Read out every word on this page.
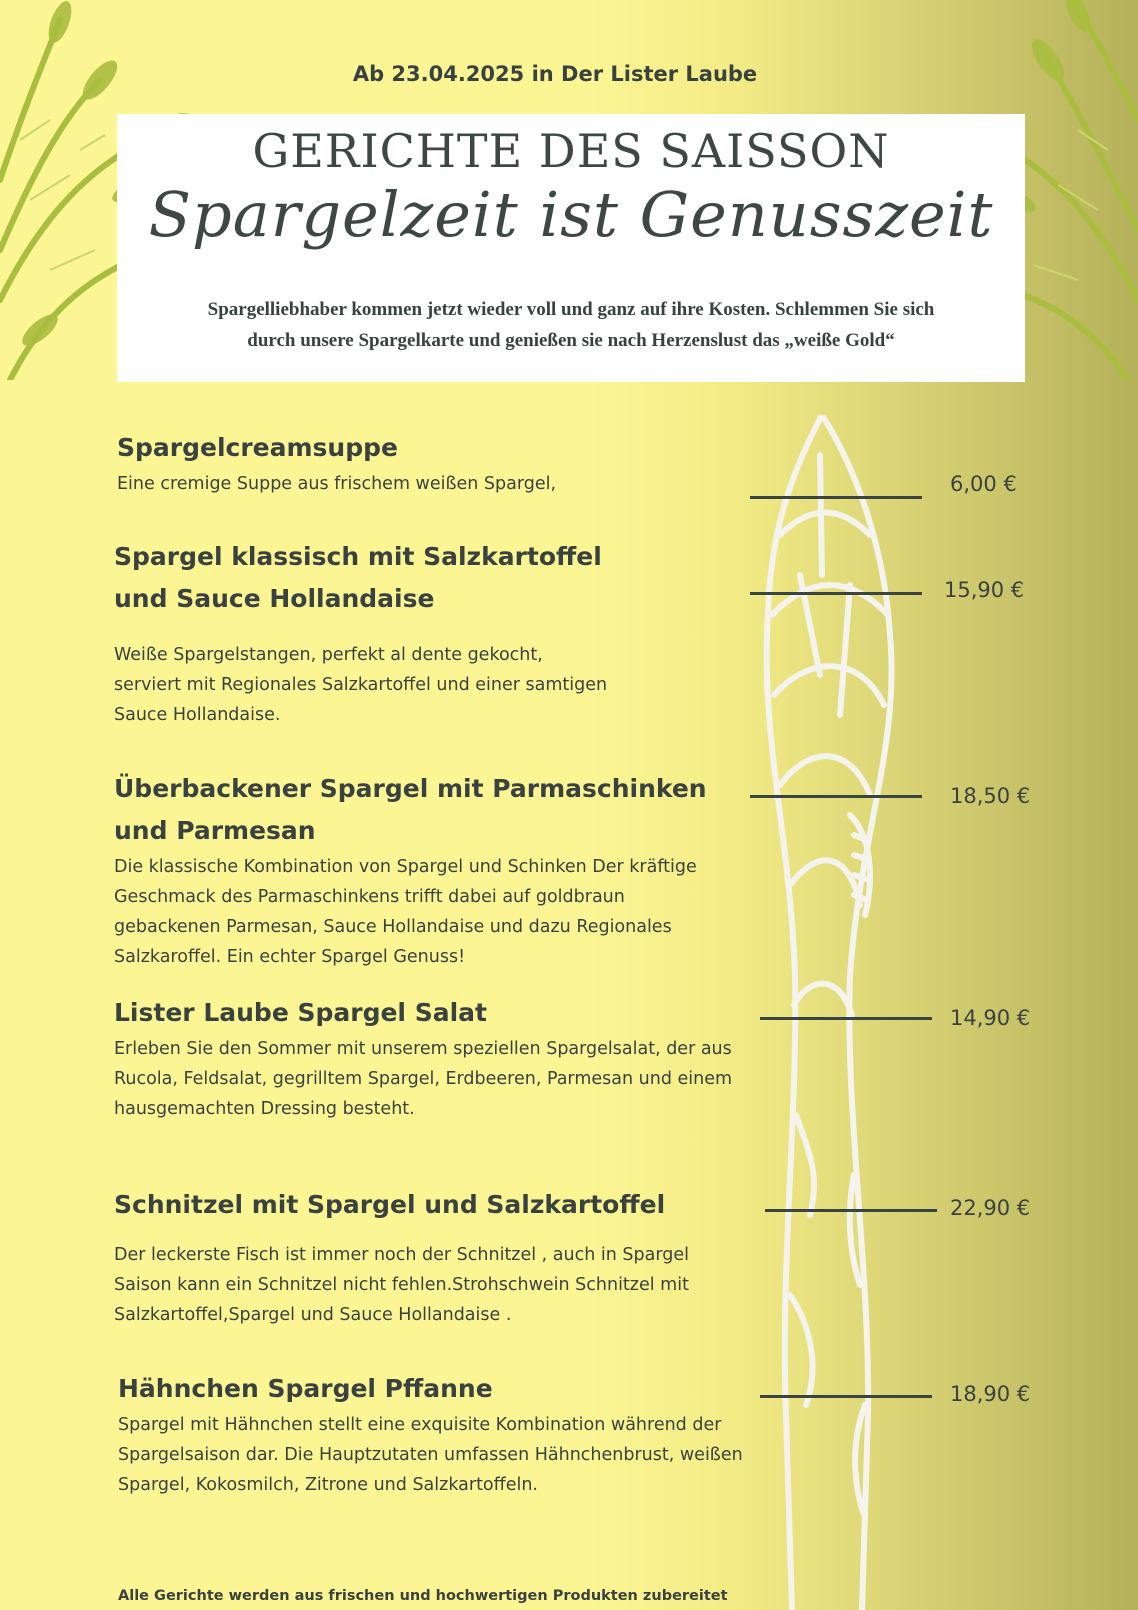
Ab 23.04.2025 in Der Lister Laube
GERICHTE DES SAISSON
Spargelzeit ist Genusszeit
Spargelliebhaber kommen jetzt wieder voll und ganz auf ihre Kosten. Schlemmen Sie sich
durch unsere Spargelkarte und genießen sie nach Herzenslust das „weiße Gold“
Spargelcreamsuppe
Eine cremige Suppe aus frischem weißen Spargel,	6,00 €
Spargel klassisch mit Salzkartoffel
und Sauce Hollandaise
Weiße Spargelstangen, perfekt al dente gekocht,
serviert mit Regionales Salzkartoffel und einer samtigen
Sauce Hollandaise.
15,90 €
Überbackener Spargel mit Parmaschinken
und Parmesan
Die klassische Kombination von Spargel und Schinken Der kräftige
Geschmack des Parmaschinkens trifft dabei auf goldbraun
gebackenen Parmesan, Sauce Hollandaise und dazu Regionales
Salzkaroffel. Ein echter Spargel Genuss!
18,50 €
Lister Laube Spargel Salat
Erleben Sie den Sommer mit unserem speziellen Spargelsalat, der aus
Rucola, Feldsalat, gegrilltem Spargel, Erdbeeren, Parmesan und einem
hausgemachten Dressing besteht.
14,90 €
Schnitzel mit Spargel und Salzkartoffel
Der leckerste Fisch ist immer noch der Schnitzel , auch in Spargel
Saison kann ein Schnitzel nicht fehlen.Strohschwein Schnitzel mit
Salzkartoffel,Spargel und Sauce Hollandaise .
22,90 €
Hähnchen Spargel Pffanne
Spargel mit Hähnchen stellt eine exquisite Kombination während der
Spargelsaison dar. Die Hauptzutaten umfassen Hähnchenbrust, weißen
Spargel, Kokosmilch, Zitrone und Salzkartoffeln.
18,90 €
Alle Gerichte werden aus frischen und hochwertigen Produkten zubereitet
